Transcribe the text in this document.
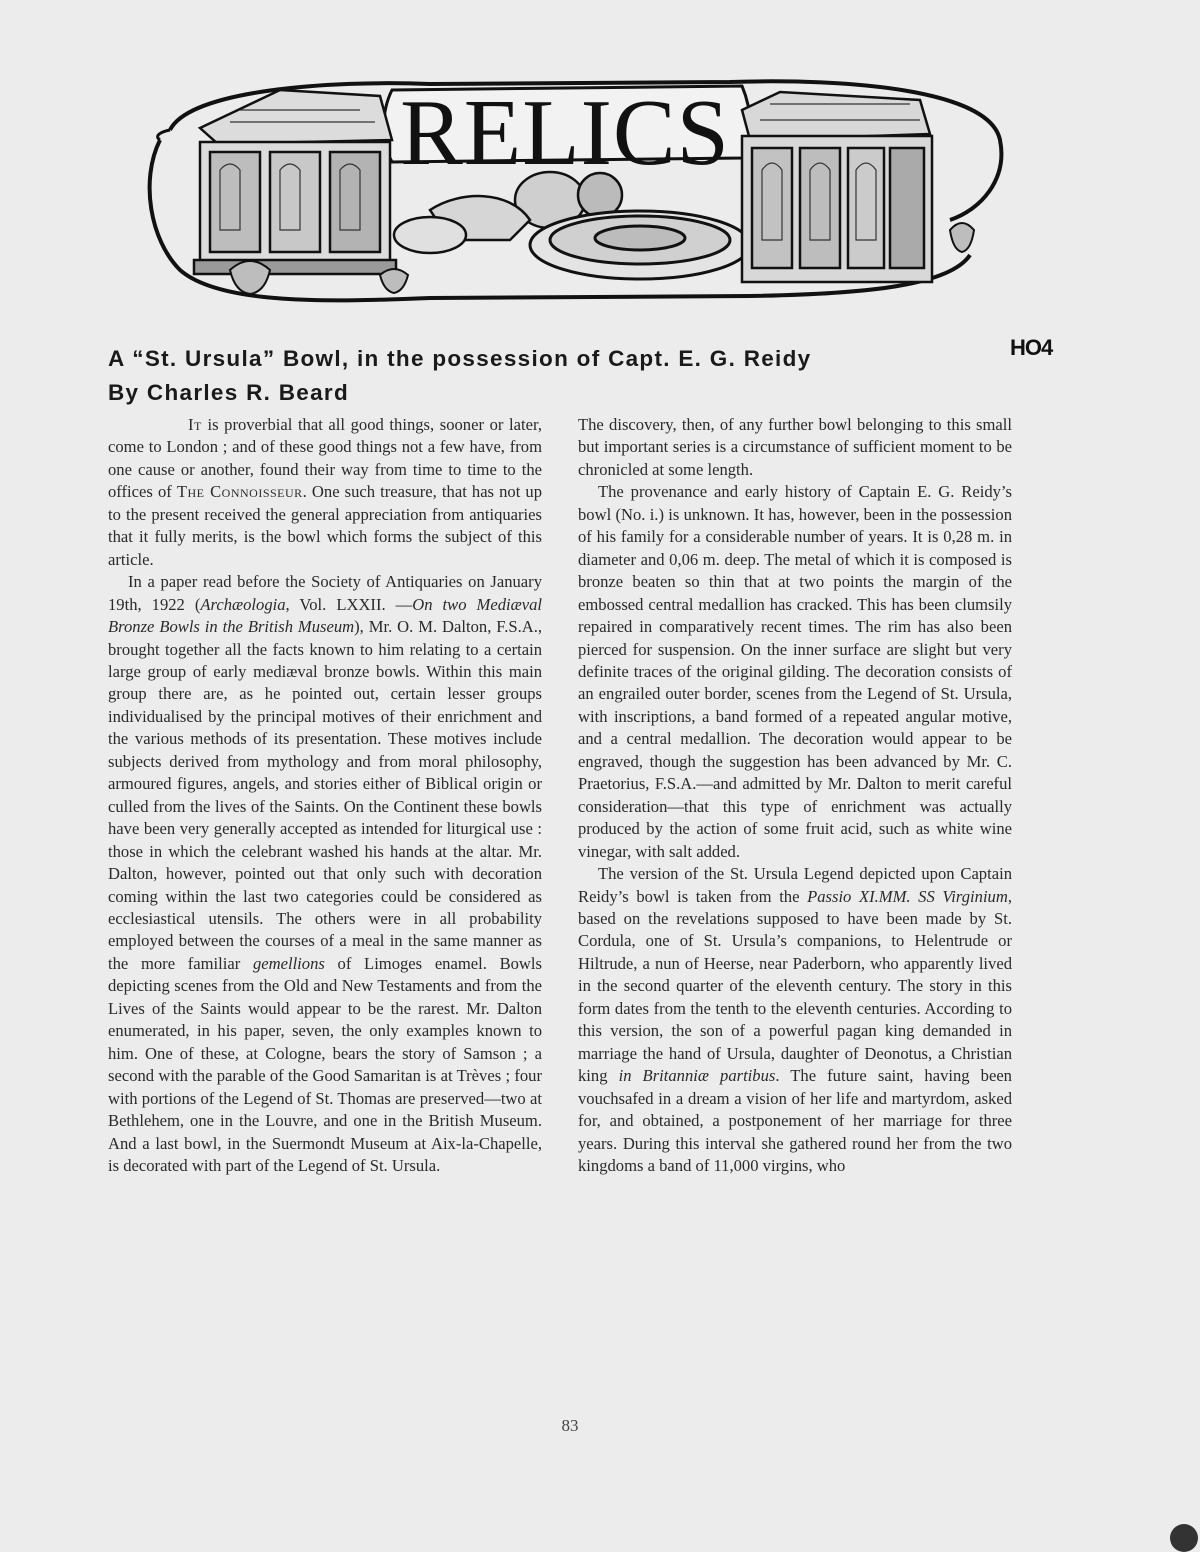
RELICS
HO4
A “St. Ursula” Bowl, in the possession of Capt. E. G. Reidy
By Charles R. Beard

It is proverbial that all good things, sooner or later, come to London ; and of these good things not a few have, from one cause or another, found their way from time to time to the offices of The Connoisseur. One such treasure, that has not up to the present received the general appreciation from antiquaries that it fully merits, is the bowl which forms the subject of this article.

In a paper read before the Society of Antiquaries on January 19th, 1922 (Archæologia, Vol. LXXII. —On two Mediæval Bronze Bowls in the British Museum), Mr. O. M. Dalton, F.S.A., brought together all the facts known to him relating to a certain large group of early mediæval bronze bowls. Within this main group there are, as he pointed out, certain lesser groups individualised by the principal motives of their enrichment and the various methods of its presentation. These motives include subjects derived from mythology and from moral philosophy, armoured figures, angels, and stories either of Biblical origin or culled from the lives of the Saints. On the Continent these bowls have been very generally accepted as intended for liturgical use : those in which the celebrant washed his hands at the altar. Mr. Dalton, however, pointed out that only such with decoration coming within the last two categories could be considered as ecclesiastical utensils. The others were in all probability employed between the courses of a meal in the same manner as the more familiar gemellions of Limoges enamel. Bowls depicting scenes from the Old and New Testaments and from the Lives of the Saints would appear to be the rarest. Mr. Dalton enumerated, in his paper, seven, the only examples known to him. One of these, at Cologne, bears the story of Samson ; a second with the parable of the Good Samaritan is at Trèves ; four with portions of the Legend of St. Thomas are preserved—two at Bethlehem, one in the Louvre, and one in the British Museum. And a last bowl, in the Suermondt Museum at Aix-la-Chapelle, is decorated with part of the Legend of St. Ursula.

The discovery, then, of any further bowl belonging to this small but important series is a circumstance of sufficient moment to be chronicled at some length.

The provenance and early history of Captain E. G. Reidy’s bowl (No. i.) is unknown. It has, however, been in the possession of his family for a considerable number of years. It is 0,28 m. in diameter and 0,06 m. deep. The metal of which it is composed is bronze beaten so thin that at two points the margin of the embossed central medallion has cracked. This has been clumsily repaired in comparatively recent times. The rim has also been pierced for suspension. On the inner surface are slight but very definite traces of the original gilding. The decoration consists of an engrailed outer border, scenes from the Legend of St. Ursula, with inscriptions, a band formed of a repeated angular motive, and a central medallion. The decoration would appear to be engraved, though the suggestion has been advanced by Mr. C. Praetorius, F.S.A.—and admitted by Mr. Dalton to merit careful consideration—that this type of enrichment was actually produced by the action of some fruit acid, such as white wine vinegar, with salt added.

The version of the St. Ursula Legend depicted upon Captain Reidy’s bowl is taken from the Passio XI.MM. SS Virginium, based on the revelations supposed to have been made by St. Cordula, one of St. Ursula’s companions, to Helentrude or Hiltrude, a nun of Heerse, near Paderborn, who apparently lived in the second quarter of the eleventh century. The story in this form dates from the tenth to the eleventh centuries. According to this version, the son of a powerful pagan king demanded in marriage the hand of Ursula, daughter of Deonotus, a Christian king in Britanniæ partibus. The future saint, having been vouchsafed in a dream a vision of her life and martyrdom, asked for, and obtained, a postponement of her marriage for three years. During this interval she gathered round her from the two kingdoms a band of 11,000 virgins, who

83
